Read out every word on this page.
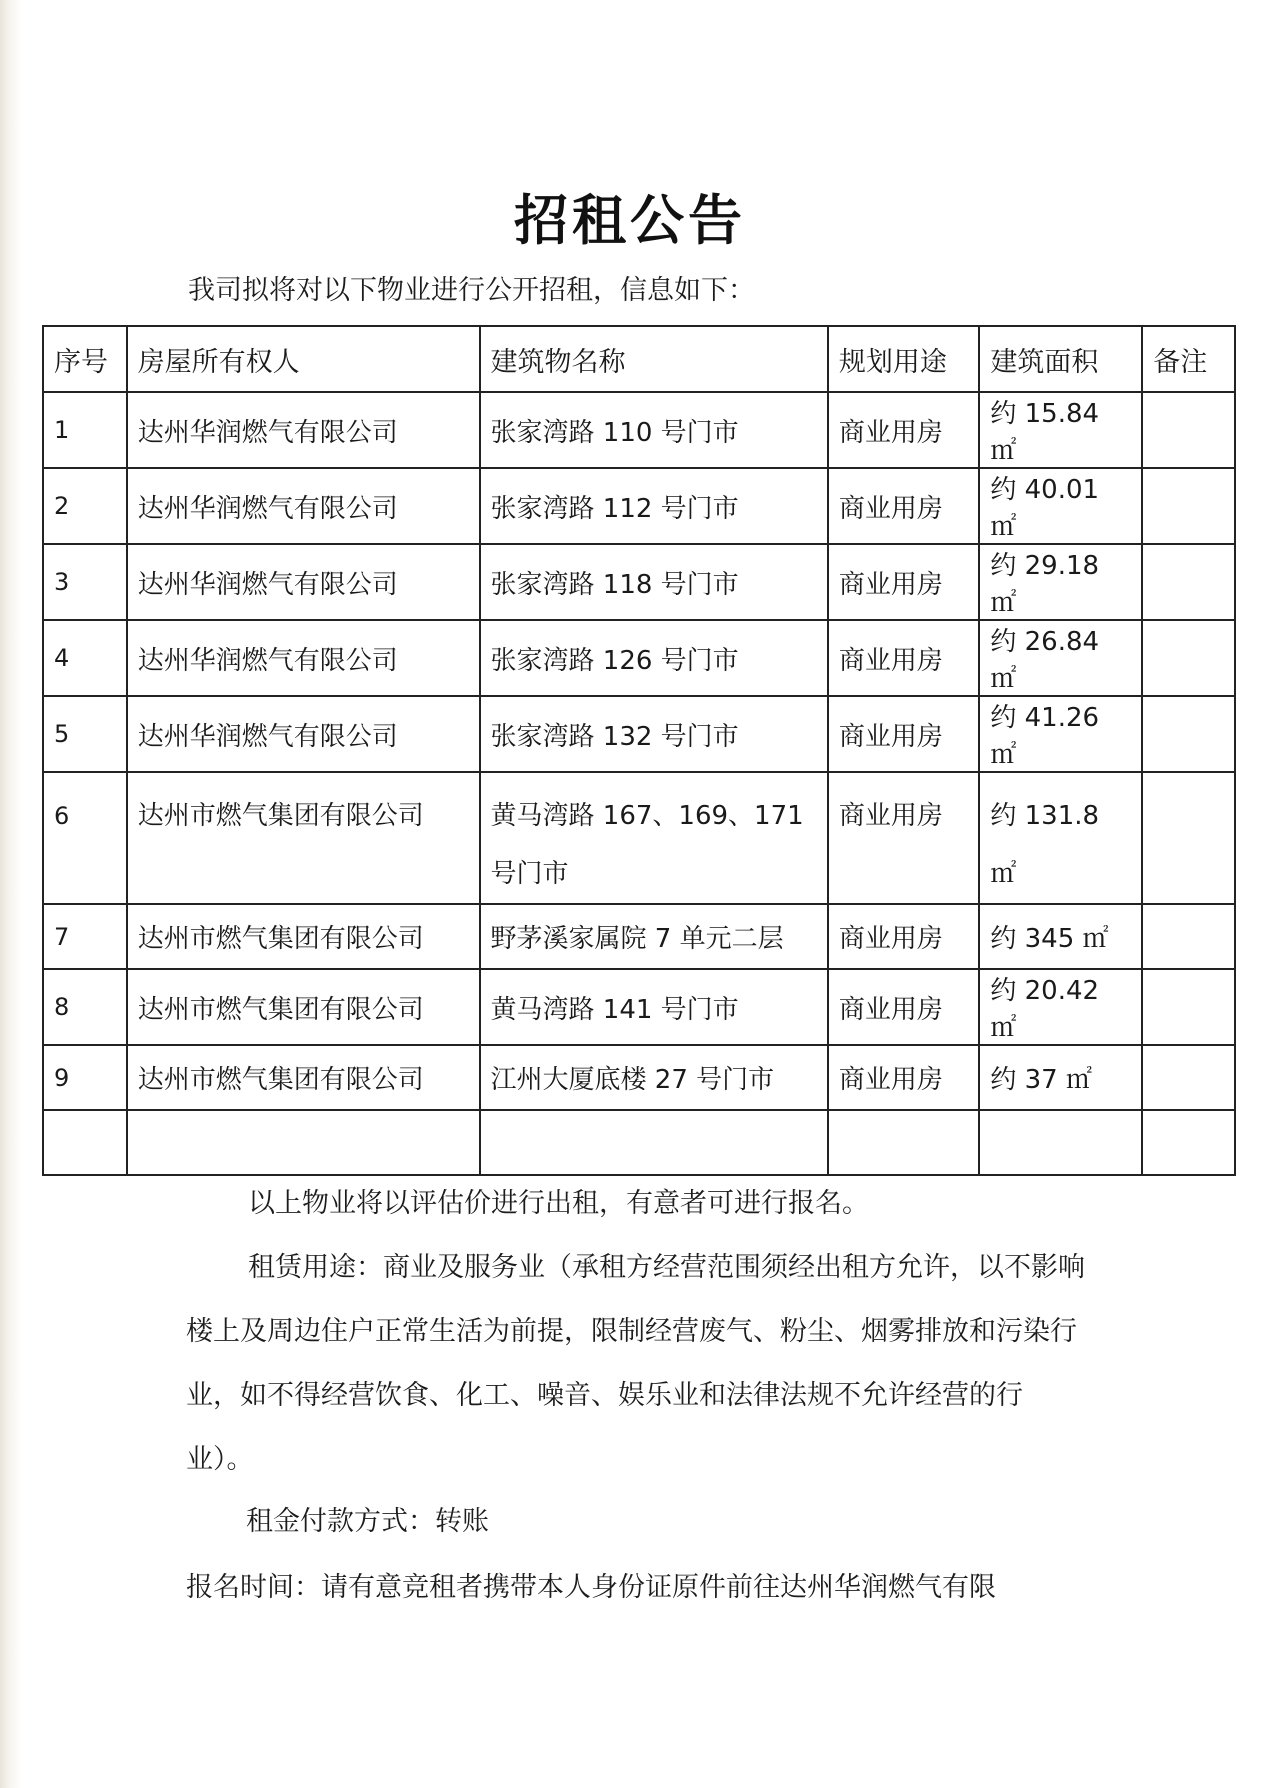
招租公告
我司拟将对以下物业进行公开招租，信息如下：
序号	房屋所有权人	建筑物名称	规划用途	建筑面积	备注
1	达州华润燃气有限公司	张家湾路 110 号门市	商业用房	约 15.84 ㎡	
2	达州华润燃气有限公司	张家湾路 112 号门市	商业用房	约 40.01 ㎡	
3	达州华润燃气有限公司	张家湾路 118 号门市	商业用房	约 29.18 ㎡	
4	达州华润燃气有限公司	张家湾路 126 号门市	商业用房	约 26.84 ㎡	
5	达州华润燃气有限公司	张家湾路 132 号门市	商业用房	约 41.26 ㎡	
6	达州市燃气集团有限公司	黄马湾路 167、169、171 号门市	商业用房	约 131.8 ㎡	
7	达州市燃气集团有限公司	野茅溪家属院 7 单元二层	商业用房	约 345 ㎡	
8	达州市燃气集团有限公司	黄马湾路 141 号门市	商业用房	约 20.42 ㎡	
9	达州市燃气集团有限公司	江州大厦底楼 27 号门市	商业用房	约 37 ㎡	

以上物业将以评估价进行出租，有意者可进行报名。
租赁用途：商业及服务业（承租方经营范围须经出租方允许，以不影响楼上及周边住户正常生活为前提，限制经营废气、粉尘、烟雾排放和污染行业，如不得经营饮食、化工、噪音、娱乐业和法律法规不允许经营的行业）。
租金付款方式：转账
报名时间：请有意竞租者携带本人身份证原件前往达州华润燃气有限
